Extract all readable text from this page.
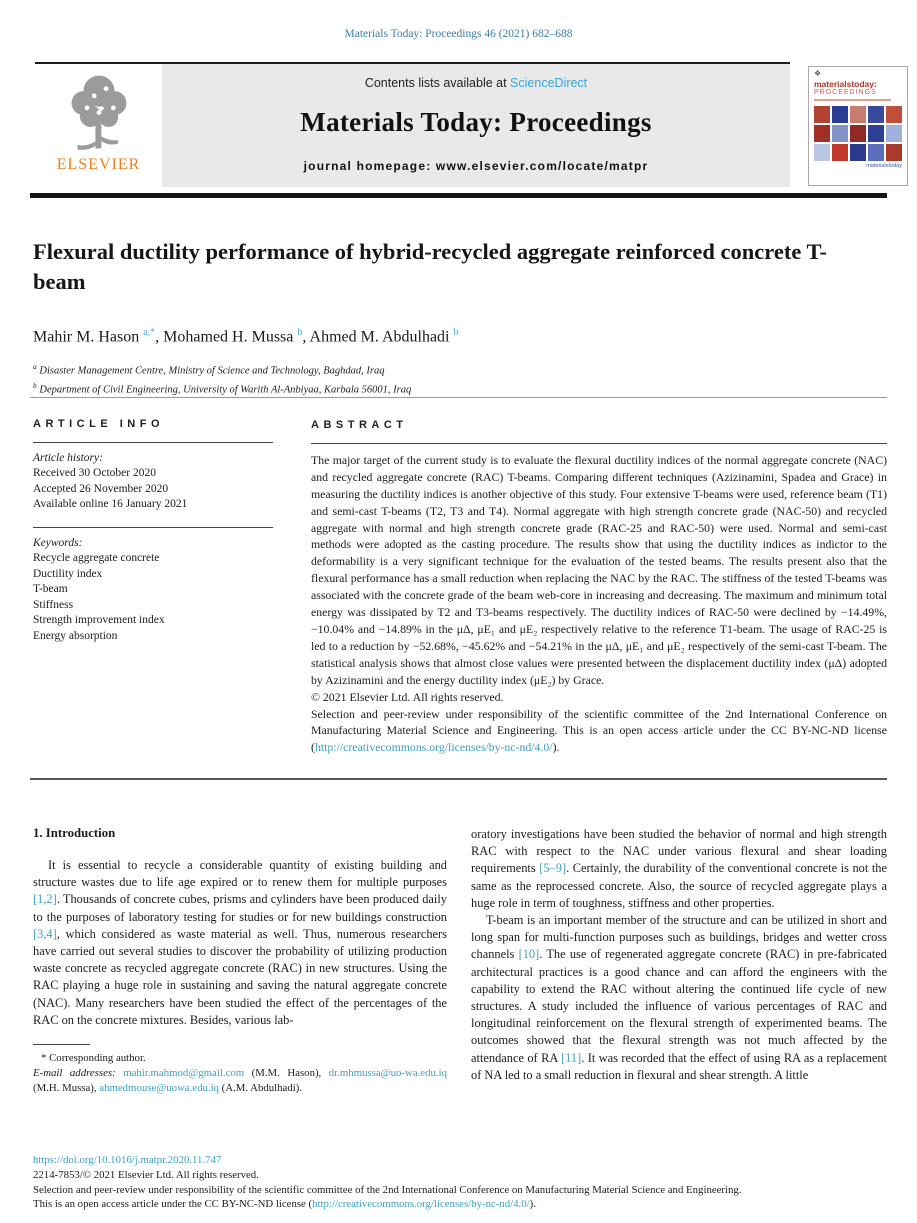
Materials Today: Proceedings 46 (2021) 682–688
ELSEVIER
Contents lists available at ScienceDirect
Materials Today: Proceedings
journal homepage: www.elsevier.com/locate/matpr
❖
materialstoday:
PROCEEDINGS
materialstoday
Flexural ductility performance of hybrid-recycled aggregate reinforced concrete T-beam
Mahir M. Hason $^{a,*}$, Mohamed H. Mussa $^b$, Ahmed M. Abdulhadi $^b$
$^a$ Disaster Management Centre, Ministry of Science and Technology, Baghdad, Iraq
$^b$ Department of Civil Engineering, University of Warith Al-Anbiyaa, Karbala 56001, Iraq
ARTICLE INFO
Article history:
Received 30 October 2020
Accepted 26 November 2020
Available online 16 January 2021
Keywords:
Recycle aggregate concrete
Ductility index
T-beam
Stiffness
Strength improvement index
Energy absorption
ABSTRACT

The major target of the current study is to evaluate the flexural ductility indices of the normal aggregate concrete (NAC) and recycled aggregate concrete (RAC) T-beams. Comparing different techniques (Azizinamini, Spadea and Grace) in measuring the ductility indices is another objective of this study. Four extensive T-beams were used, reference beam (T1) and semi-cast T-beams (T2, T3 and T4). Normal aggregate with high strength concrete grade (NAC-50) and recycled aggregate with normal and high strength concrete grade (RAC-25 and RAC-50) were used. Normal and semi-cast methods were adopted as the casting procedure. The results show that using the ductility indices as indictor to the deformability is a very significant technique for the evaluation of the tested beams. The results present also that the flexural performance has a small reduction when replacing the NAC by the RAC. The stiffness of the tested T-beams was associated with the concrete grade of the beam web-core in increasing and decreasing. The maximum and minimum total energy was dissipated by T2 and T3-beams respectively. The ductility indices of RAC-50 were declined by −14.49%, −10.04% and −14.89% in the μΔ, μE₁ and μE₂ respectively relative to the reference T1-beam. The usage of RAC-25 is led to a reduction by −52.68%, −45.62% and −54.21% in the μΔ, μE₁ and μE₂ respectively of the semi-cast T-beam. The statistical analysis shows that almost close values were presented between the displacement ductility index (μΔ) adopted by Azizinamini and the energy ductility index (μE₂) by Grace.

© 2021 Elsevier Ltd. All rights reserved.
Selection and peer-review under responsibility of the scientific committee of the 2nd International Conference on Manufacturing Material Science and Engineering. This is an open access article under the CC BY-NC-ND license (http://creativecommons.org/licenses/by-nc-nd/4.0/).
1. Introduction

It is essential to recycle a considerable quantity of existing building and structure wastes due to life age expired or to renew them for multiple purposes [1,2]. Thousands of concrete cubes, prisms and cylinders have been produced daily to the purposes of laboratory testing for studies or for new buildings construction [3,4], which considered as waste material as well. Thus, numerous researchers have carried out several studies to discover the probability of utilizing production waste concrete as recycled aggregate concrete (RAC) in new structures. Using the RAC playing a huge role in sustaining and saving the natural aggregate concrete (NAC). Many researchers have been studied the effect of the percentages of the RAC on the concrete mixtures. Besides, various lab-

* Corresponding author.
E-mail addresses: mahir.mahmod@gmail.com (M.M. Hason), dr.mhmussa@uo-wa.edu.iq (M.H. Mussa), ahmedmouse@uowa.edu.iq (A.M. Abdulhadi).

oratory investigations have been studied the behavior of normal and high strength RAC with respect to the NAC under various flexural and shear loading requirements [5–9]. Certainly, the durability of the conventional concrete is not the same as the reprocessed concrete. Also, the source of recycled aggregate plays a huge role in term of toughness, stiffness and other properties.

T-beam is an important member of the structure and can be utilized in short and long span for multi-function purposes such as buildings, bridges and wetter cross channels [10]. The use of regenerated aggregate concrete (RAC) in pre-fabricated architectural practices is a good chance and can afford the engineers with the capability to extend the RAC without altering the continued life cycle of new structures. A study included the influence of various percentages of RAC and longitudinal reinforcement on the flexural strength of experimented beams. The outcomes showed that the flexural strength was not much affected by the attendance of RA [11]. It was recorded that the effect of using RA as a replacement of NA led to a small reduction in flexural and shear strength. A little

https://doi.org/10.1016/j.matpr.2020.11.747
2214-7853/© 2021 Elsevier Ltd. All rights reserved.
Selection and peer-review under responsibility of the scientific committee of the 2nd International Conference on Manufacturing Material Science and Engineering.
This is an open access article under the CC BY-NC-ND license (http://creativecommons.org/licenses/by-nc-nd/4.0/).
